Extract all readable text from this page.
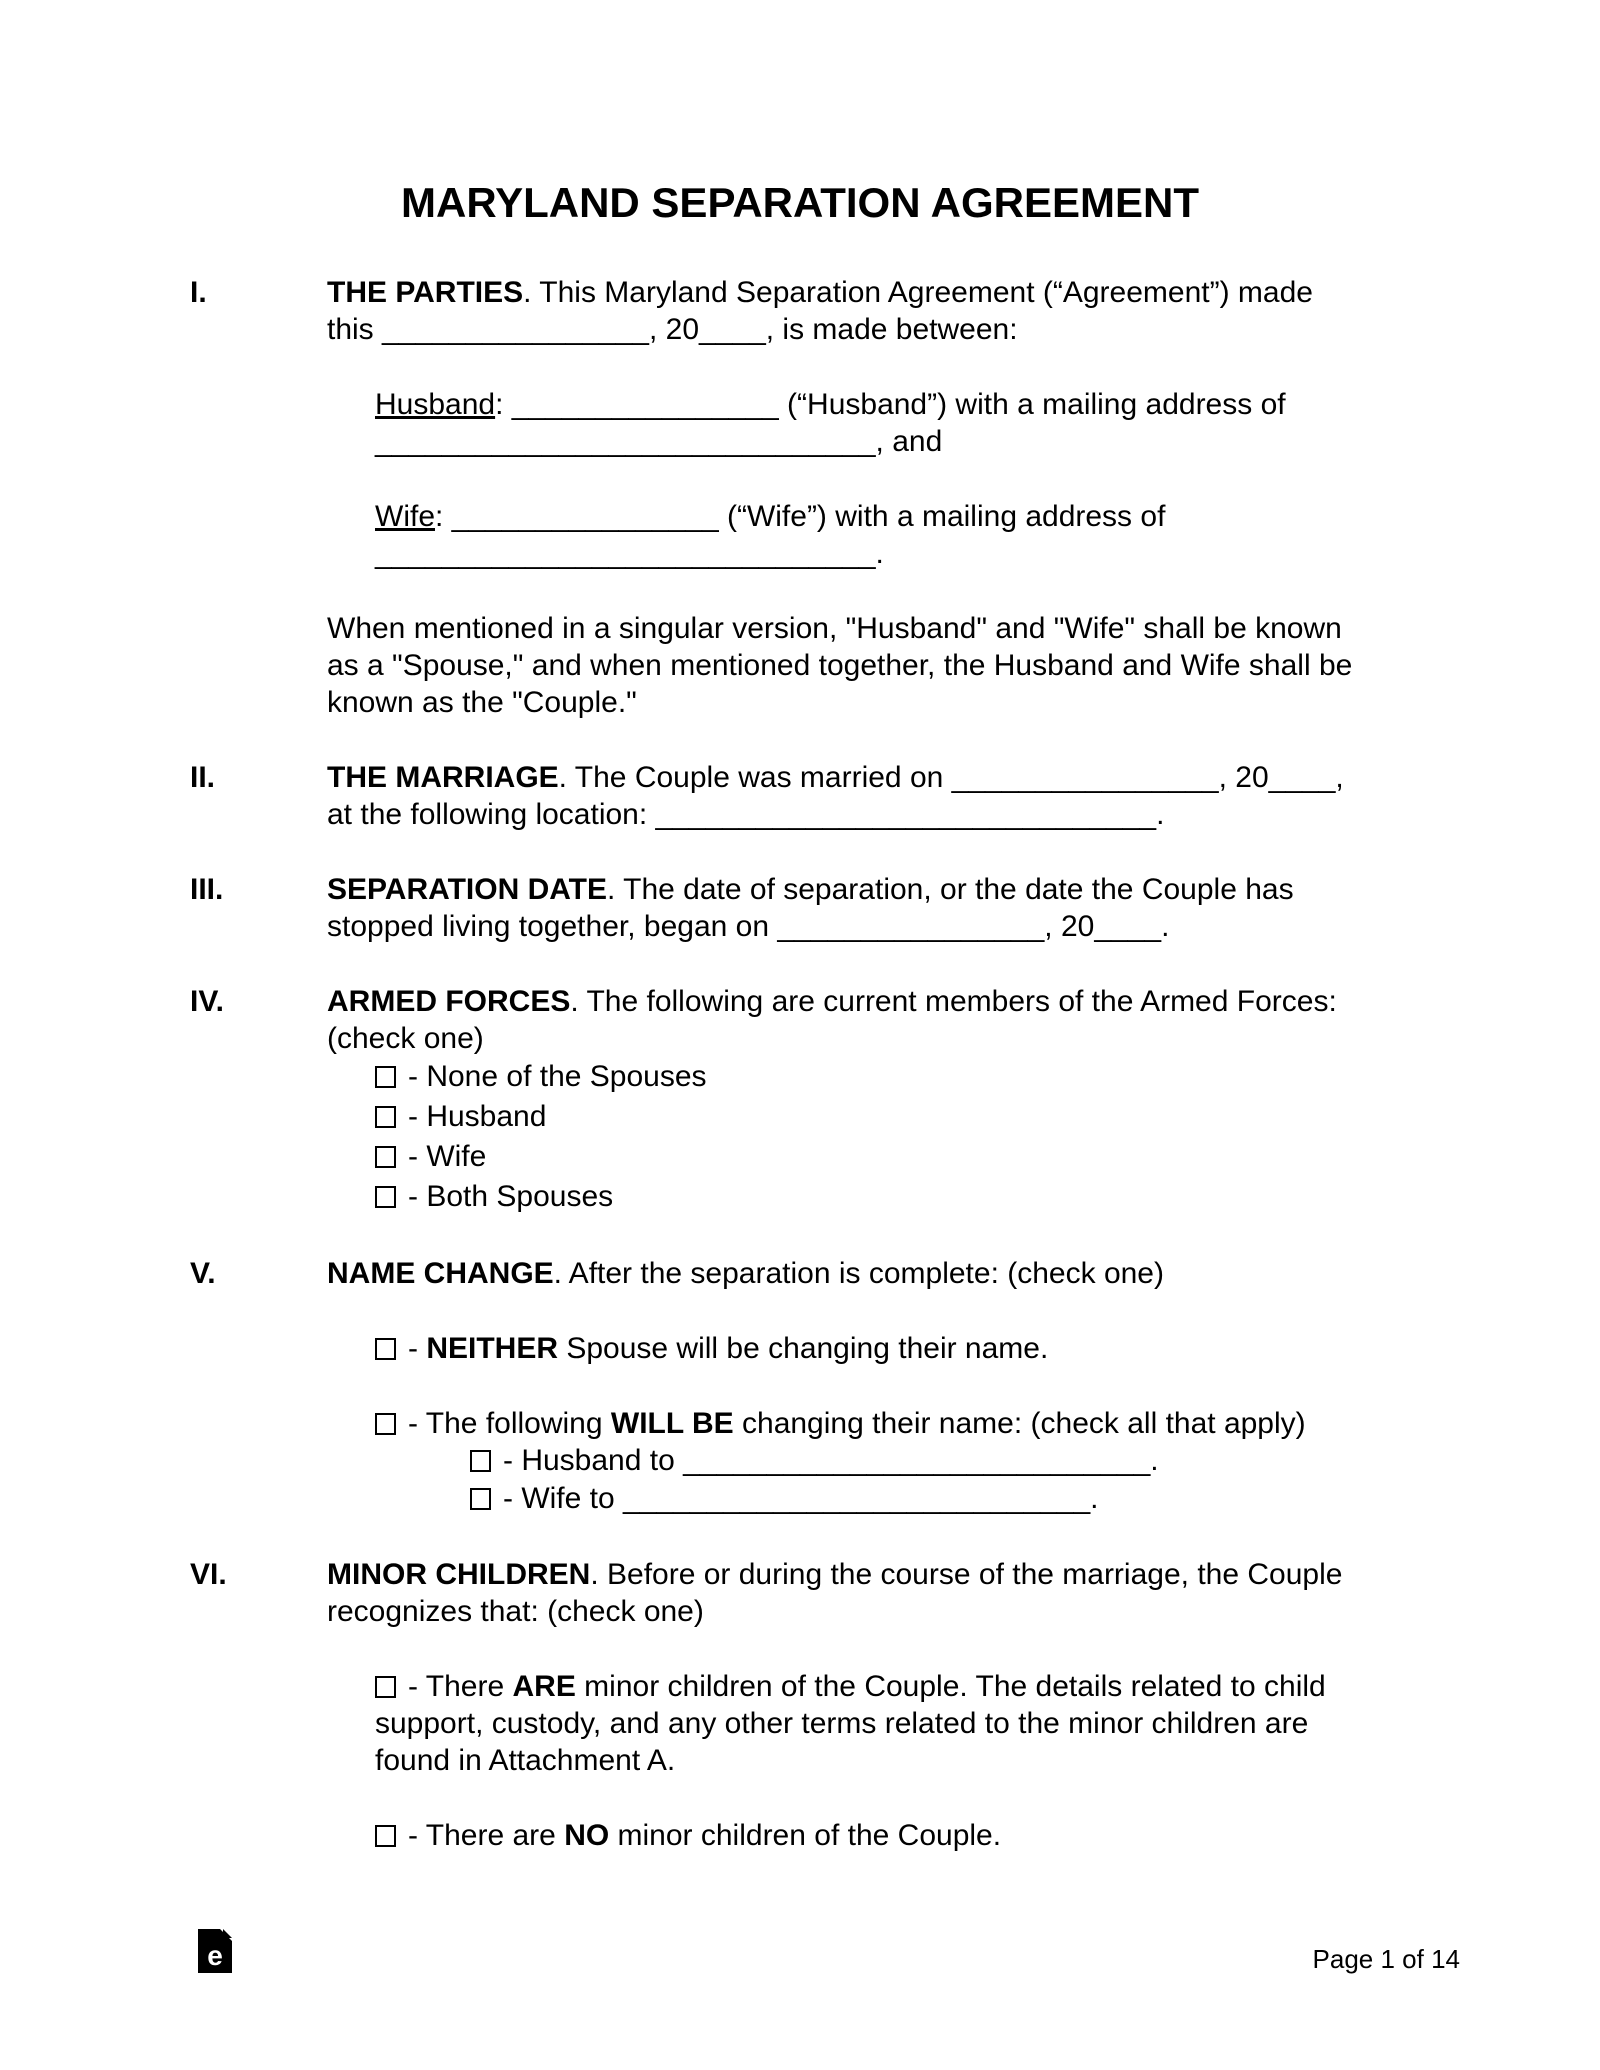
MARYLAND SEPARATION AGREEMENT
I.	THE PARTIES. This Maryland Separation Agreement (“Agreement”) made
this ________________, 20____, is made between:

Husband: ________________ (“Husband”) with a mailing address of
______________________________, and

Wife: ________________ (“Wife”) with a mailing address of
______________________________.

When mentioned in a singular version, "Husband" and "Wife" shall be known
as a "Spouse," and when mentioned together, the Husband and Wife shall be
known as the "Couple."

II.	THE MARRIAGE. The Couple was married on ________________, 20____,
at the following location: ______________________________.

III.	SEPARATION DATE. The date of separation, or the date the Couple has
stopped living together, began on ________________, 20____.

IV.	ARMED FORCES. The following are current members of the Armed Forces:
(check one)

- None of the Spouses
- Husband
- Wife
- Both Spouses
V.	NAME CHANGE. After the separation is complete: (check one)

- NEITHER Spouse will be changing their name.
- The following WILL BE changing their name: (check all that apply)
- Husband to ____________________________.
- Wife to ____________________________.
VI.	MINOR CHILDREN. Before or during the course of the marriage, the Couple
recognizes that: (check one)

- There ARE minor children of the Couple. The details related to child
support, custody, and any other terms related to the minor children are
found in Attachment A.
- There are NO minor children of the Couple.
e	Page 1 of 14
